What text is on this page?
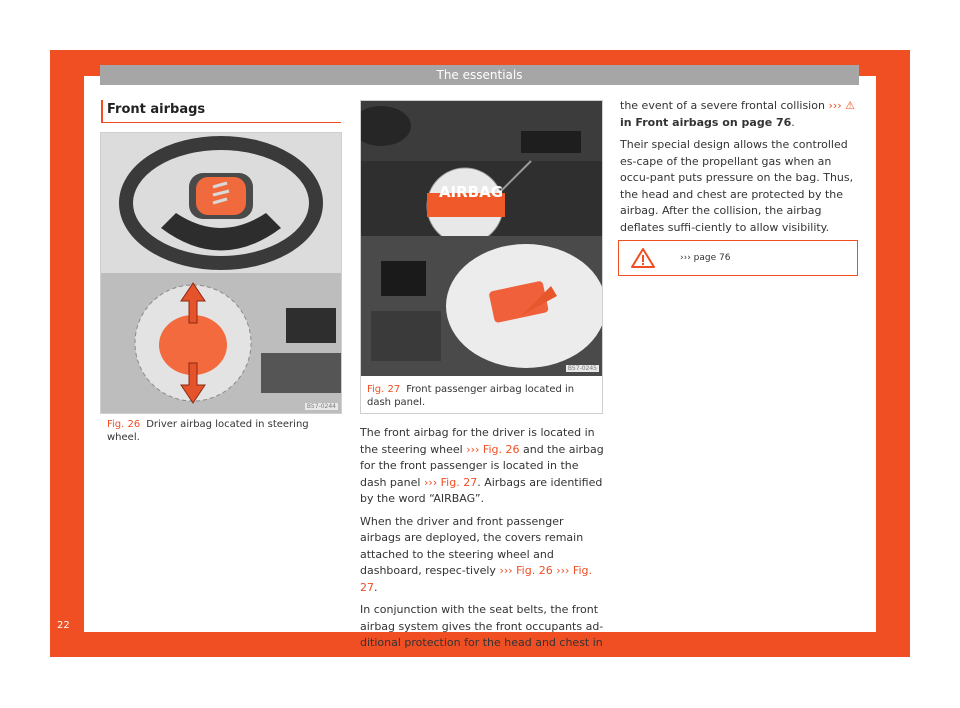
The essentials
22
Front airbags
B57-0244
Fig. 26 Driver airbag located in steering wheel.
AIRBAG
B57-0245
Fig. 27 Front passenger airbag located in dash panel.

The front airbag for the driver is located in the steering wheel ››› Fig. 26 and the airbag for the front passenger is located in the dash panel ››› Fig. 27. Airbags are identified by the word “AIRBAG”.

When the driver and front passenger airbags are deployed, the covers remain attached to the steering wheel and dashboard, respec-tively ››› Fig. 26 ››› Fig. 27.

In conjunction with the seat belts, the front airbag system gives the front occupants ad-ditional protection for the head and chest in

the event of a severe frontal collision ››› ⚠ in Front airbags on page 76.

Their special design allows the controlled es-cape of the propellant gas when an occu-pant puts pressure on the bag. Thus, the head and chest are protected by the airbag. After the collision, the airbag deflates suffi-ciently to allow visibility.

››› page 76
